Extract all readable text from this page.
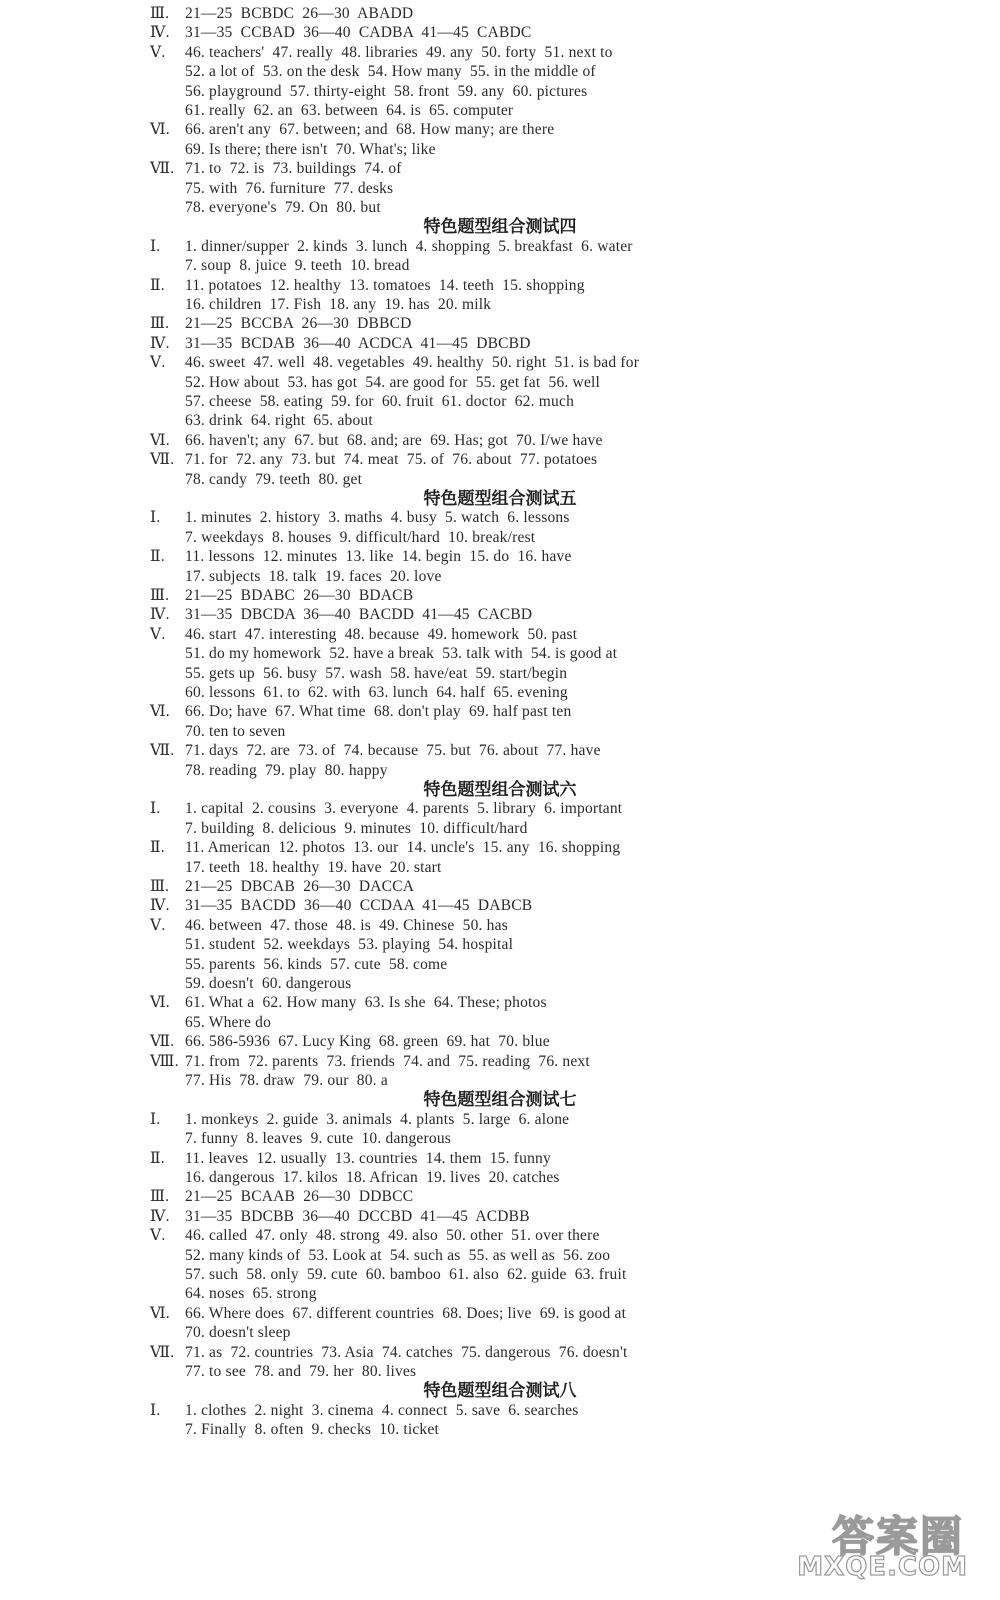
Ⅲ. 21—25  BCBDC  26—30  ABADD
Ⅳ. 31—35  CCBAD  36—40  CADBA  41—45  CABDC
Ⅴ. 46. teachers'  47. really  48. libraries  49. any  50. forty  51. next to
52. a lot of  53. on the desk  54. How many  55. in the middle of
56. playground  57. thirty-eight  58. front  59. any  60. pictures
61. really  62. an  63. between  64. is  65. computer
Ⅵ. 66. aren't any  67. between; and  68. How many; are there
69. Is there; there isn't  70. What's; like
Ⅶ. 71. to  72. is  73. buildings  74. of
75. with  76. furniture  77. desks
78. everyone's  79. On  80. but
特色题型组合测试四
Ⅰ. 1. dinner/supper  2. kinds  3. lunch  4. shopping  5. breakfast  6. water
7. soup  8. juice  9. teeth  10. bread
Ⅱ. 11. potatoes  12. healthy  13. tomatoes  14. teeth  15. shopping
16. children  17. Fish  18. any  19. has  20. milk
Ⅲ. 21—25  BCCBA  26—30  DBBCD
Ⅳ. 31—35  BCDAB  36—40  ACDCA  41—45  DBCBD
Ⅴ. 46. sweet  47. well  48. vegetables  49. healthy  50. right  51. is bad for
52. How about  53. has got  54. are good for  55. get fat  56. well
57. cheese  58. eating  59. for  60. fruit  61. doctor  62. much
63. drink  64. right  65. about
Ⅵ. 66. haven't; any  67. but  68. and; are  69. Has; got  70. I/we have
Ⅶ. 71. for  72. any  73. but  74. meat  75. of  76. about  77. potatoes
78. candy  79. teeth  80. get
特色题型组合测试五
Ⅰ. 1. minutes  2. history  3. maths  4. busy  5. watch  6. lessons
7. weekdays  8. houses  9. difficult/hard  10. break/rest
Ⅱ. 11. lessons  12. minutes  13. like  14. begin  15. do  16. have
17. subjects  18. talk  19. faces  20. love
Ⅲ. 21—25  BDABC  26—30  BDACB
Ⅳ. 31—35  DBCDA  36—40  BACDD  41—45  CACBD
Ⅴ. 46. start  47. interesting  48. because  49. homework  50. past
51. do my homework  52. have a break  53. talk with  54. is good at
55. gets up  56. busy  57. wash  58. have/eat  59. start/begin
60. lessons  61. to  62. with  63. lunch  64. half  65. evening
Ⅵ. 66. Do; have  67. What time  68. don't play  69. half past ten
70. ten to seven
Ⅶ. 71. days  72. are  73. of  74. because  75. but  76. about  77. have
78. reading  79. play  80. happy
特色题型组合测试六
Ⅰ. 1. capital  2. cousins  3. everyone  4. parents  5. library  6. important
7. building  8. delicious  9. minutes  10. difficult/hard
Ⅱ. 11. American  12. photos  13. our  14. uncle's  15. any  16. shopping
17. teeth  18. healthy  19. have  20. start
Ⅲ. 21—25  DBCAB  26—30  DACCA
Ⅳ. 31—35  BACDD  36—40  CCDAA  41—45  DABCB
Ⅴ. 46. between  47. those  48. is  49. Chinese  50. has
51. student  52. weekdays  53. playing  54. hospital
55. parents  56. kinds  57. cute  58. come
59. doesn't  60. dangerous
Ⅵ. 61. What a  62. How many  63. Is she  64. These; photos
65. Where do
Ⅶ. 66. 586-5936  67. Lucy King  68. green  69. hat  70. blue
Ⅷ. 71. from  72. parents  73. friends  74. and  75. reading  76. next
77. His  78. draw  79. our  80. a
特色题型组合测试七
Ⅰ. 1. monkeys  2. guide  3. animals  4. plants  5. large  6. alone
7. funny  8. leaves  9. cute  10. dangerous
Ⅱ. 11. leaves  12. usually  13. countries  14. them  15. funny
16. dangerous  17. kilos  18. African  19. lives  20. catches
Ⅲ. 21—25  BCAAB  26—30  DDBCC
Ⅳ. 31—35  BDCBB  36—40  DCCBD  41—45  ACDBB
Ⅴ. 46. called  47. only  48. strong  49. also  50. other  51. over there
52. many kinds of  53. Look at  54. such as  55. as well as  56. zoo
57. such  58. only  59. cute  60. bamboo  61. also  62. guide  63. fruit
64. noses  65. strong
Ⅵ. 66. Where does  67. different countries  68. Does; live  69. is good at
70. doesn't sleep
Ⅶ. 71. as  72. countries  73. Asia  74. catches  75. dangerous  76. doesn't
77. to see  78. and  79. her  80. lives
特色题型组合测试八
Ⅰ. 1. clothes  2. night  3. cinema  4. connect  5. save  6. searches
7. Finally  8. often  9. checks  10. ticket
答案圈
MXQE.COM
